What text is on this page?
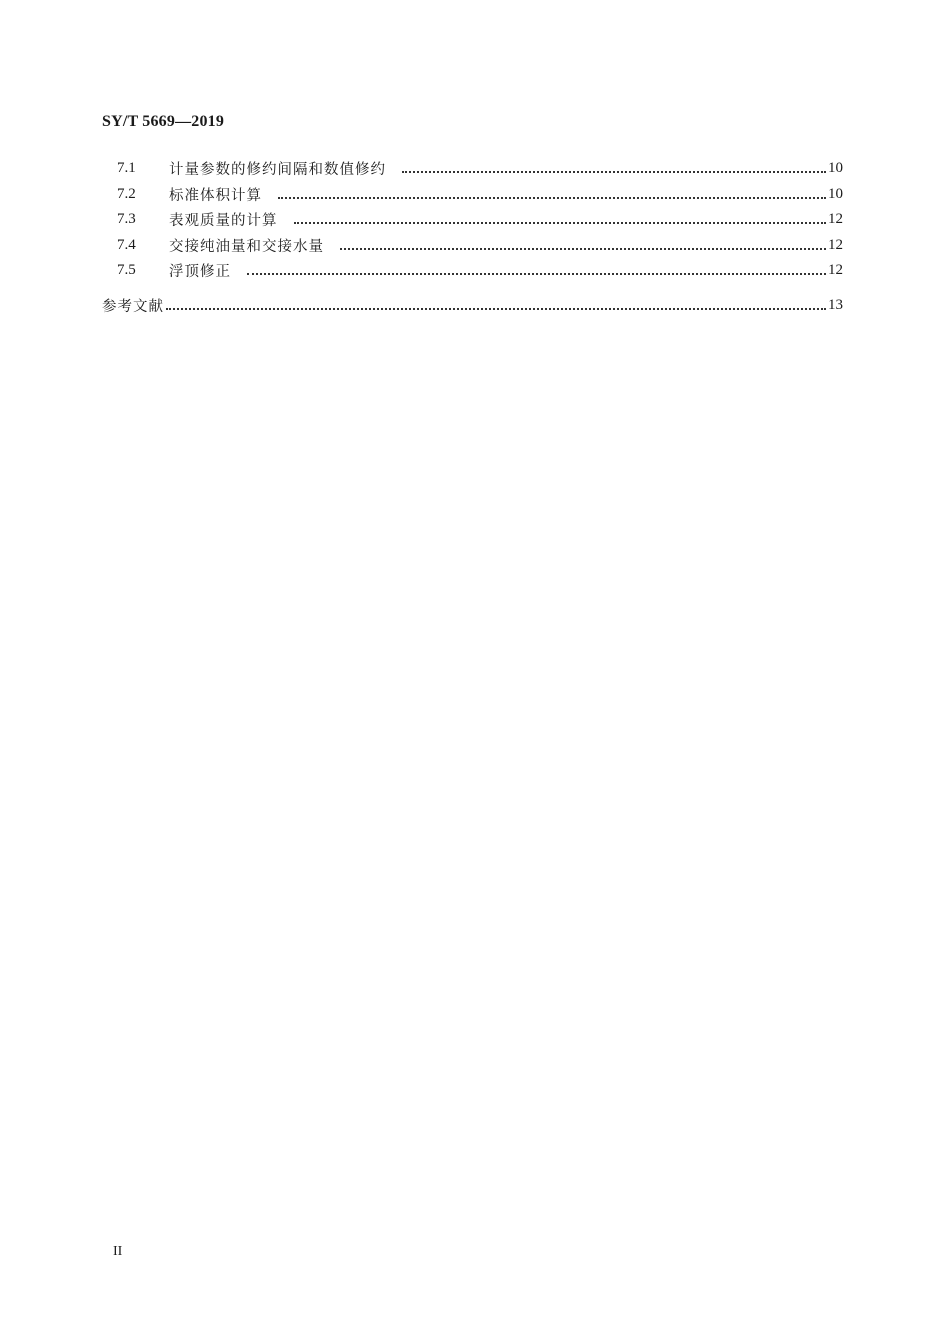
SY/T 5669—2019
7.1	计量参数的修约间隔和数值修约	10
7.2	标准体积计算	10
7.3	表观质量的计算	12
7.4	交接纯油量和交接水量	12
7.5	浮顶修正	12
参考文献	13
II
